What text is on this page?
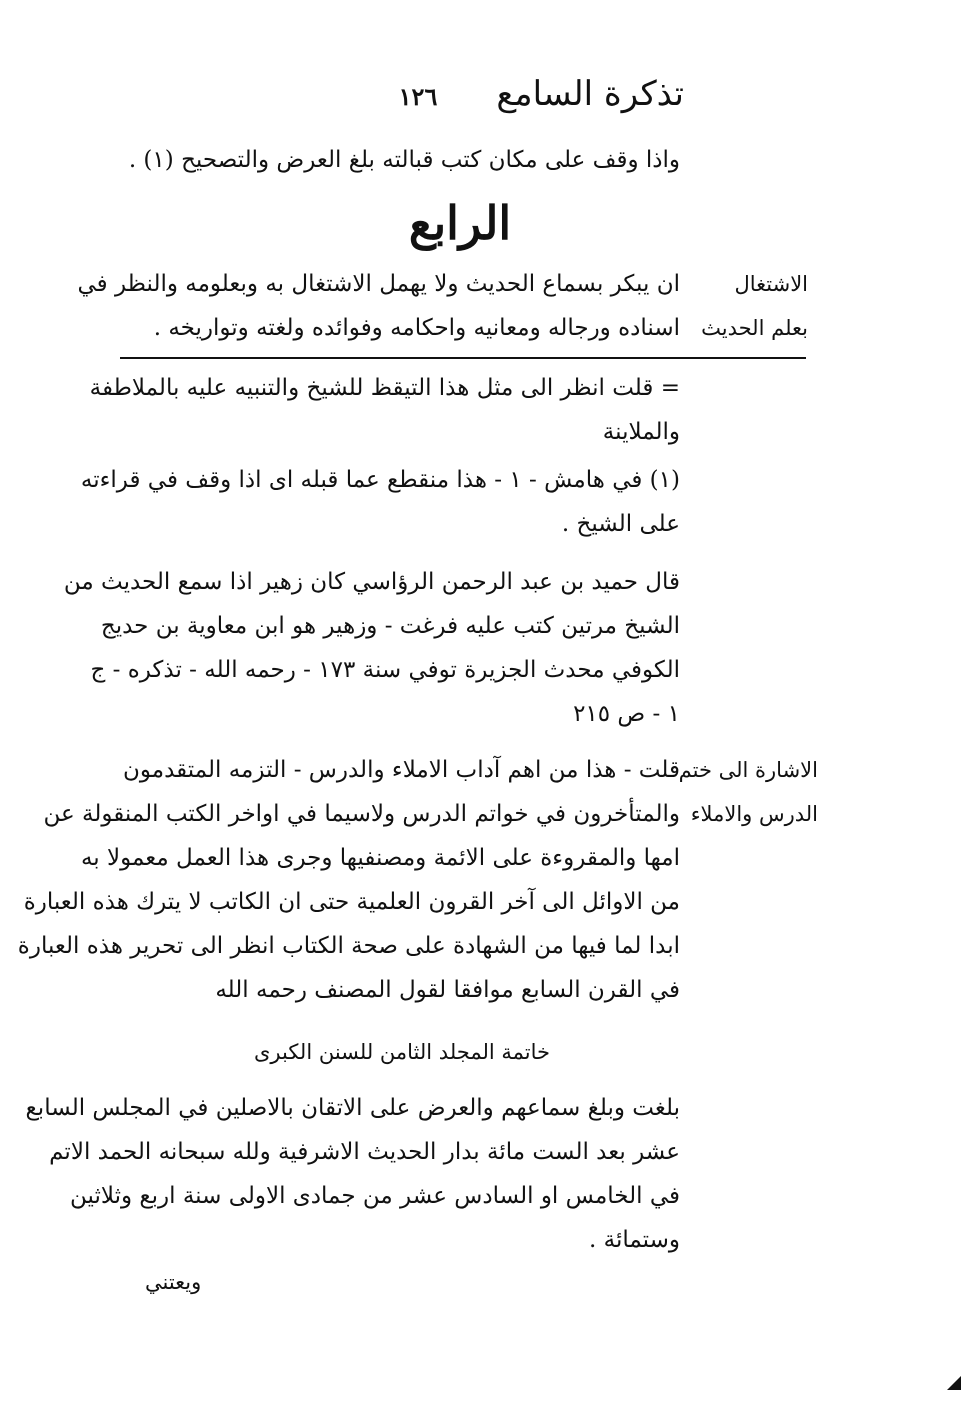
تذكرة السامع
١٢٦
واذا وقف على مكان كتب قبالته بلغ العرض والتصحيح (١) .
الرابع
الاشتغال
بعلم الحديث
ان يبكر بسماع الحديث ولا يهمل الاشتغال به وبعلومه والنظر في
اسناده ورجاله ومعانيه واحكامه وفوائده ولغته وتواريخه .
= قلت انظر الى مثل هذا التيقظ للشيخ والتنبيه عليه بالملاطفة
والملاينة
(١) في هامش - ١ - هذا منقطع عما قبله اى اذا وقف في قراءته
على الشيخ .
قال حميد بن عبد الرحمن الرؤاسي كان زهير اذا سمع الحديث من
الشيخ مرتين كتب عليه فرغت - وزهير هو ابن معاوية بن حديج
الكوفي محدث الجزيرة توفي سنة ١٧٣ - رحمه الله - تذكره - ج
١ - ص ٢١٥
الاشارة الى ختم
الدرس والاملاء
قلت - هذا من اهم آداب الاملاء والدرس - التزمه المتقدمون
والمتأخرون في خواتم الدرس ولاسيما في اواخر الكتب المنقولة عن
امها والمقروءة على الائمة ومصنفيها وجرى هذا العمل معمولا به
من الاوائل الى آخر القرون العلمية حتى ان الكاتب لا يترك هذه العبارة
ابدا لما فيها من الشهادة على صحة الكتاب انظر الى تحرير هذه العبارة
في القرن السابع موافقا لقول المصنف رحمه الله
خاتمة المجلد الثامن للسنن الكبرى
بلغت وبلغ سماعهم والعرض على الاتقان بالاصلين في المجلس السابع
عشر بعد الست مائة بدار الحديث الاشرفية ولله سبحانه الحمد الاتم
في الخامس او السادس عشر من جمادى الاولى سنة اربع وثلاثين
وستمائة .
ويعتني
